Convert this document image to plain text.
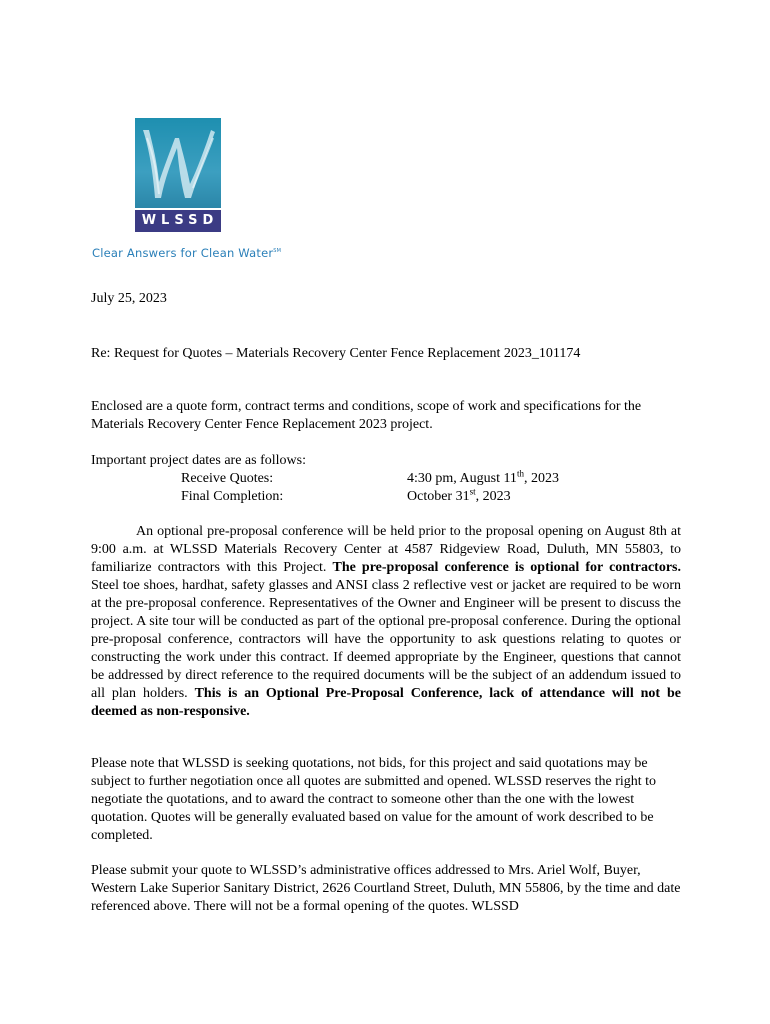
WLSSD
Clear Answers for Clean Water℠
July 25, 2023
Re: Request for Quotes – Materials Recovery Center Fence Replacement 2023_101174
Enclosed are a quote form, contract terms and conditions, scope of work and specifications for the Materials Recovery Center Fence Replacement 2023 project.
Important project dates are as follows:
Receive Quotes:	4:30 pm, August 11th, 2023
Final Completion:	October 31st, 2023
An optional pre-proposal conference will be held prior to the proposal opening on August 8th at 9:00 a.m. at WLSSD Materials Recovery Center at 4587 Ridgeview Road, Duluth, MN 55803, to familiarize contractors with this Project. The pre-proposal conference is optional for contractors. Steel toe shoes, hardhat, safety glasses and ANSI class 2 reflective vest or jacket are required to be worn at the pre-proposal conference. Representatives of the Owner and Engineer will be present to discuss the project. A site tour will be conducted as part of the optional pre-proposal conference. During the optional pre-proposal conference, contractors will have the opportunity to ask questions relating to quotes or constructing the work under this contract. If deemed appropriate by the Engineer, questions that cannot be addressed by direct reference to the required documents will be the subject of an addendum issued to all plan holders. This is an Optional Pre-Proposal Conference, lack of attendance will not be deemed as non-responsive.
Please note that WLSSD is seeking quotations, not bids, for this project and said quotations may be subject to further negotiation once all quotes are submitted and opened. WLSSD reserves the right to negotiate the quotations, and to award the contract to someone other than the one with the lowest quotation. Quotes will be generally evaluated based on value for the amount of work described to be completed.
Please submit your quote to WLSSD’s administrative offices addressed to Mrs. Ariel Wolf, Buyer, Western Lake Superior Sanitary District, 2626 Courtland Street, Duluth, MN 55806, by the time and date referenced above. There will not be a formal opening of the quotes. WLSSD
